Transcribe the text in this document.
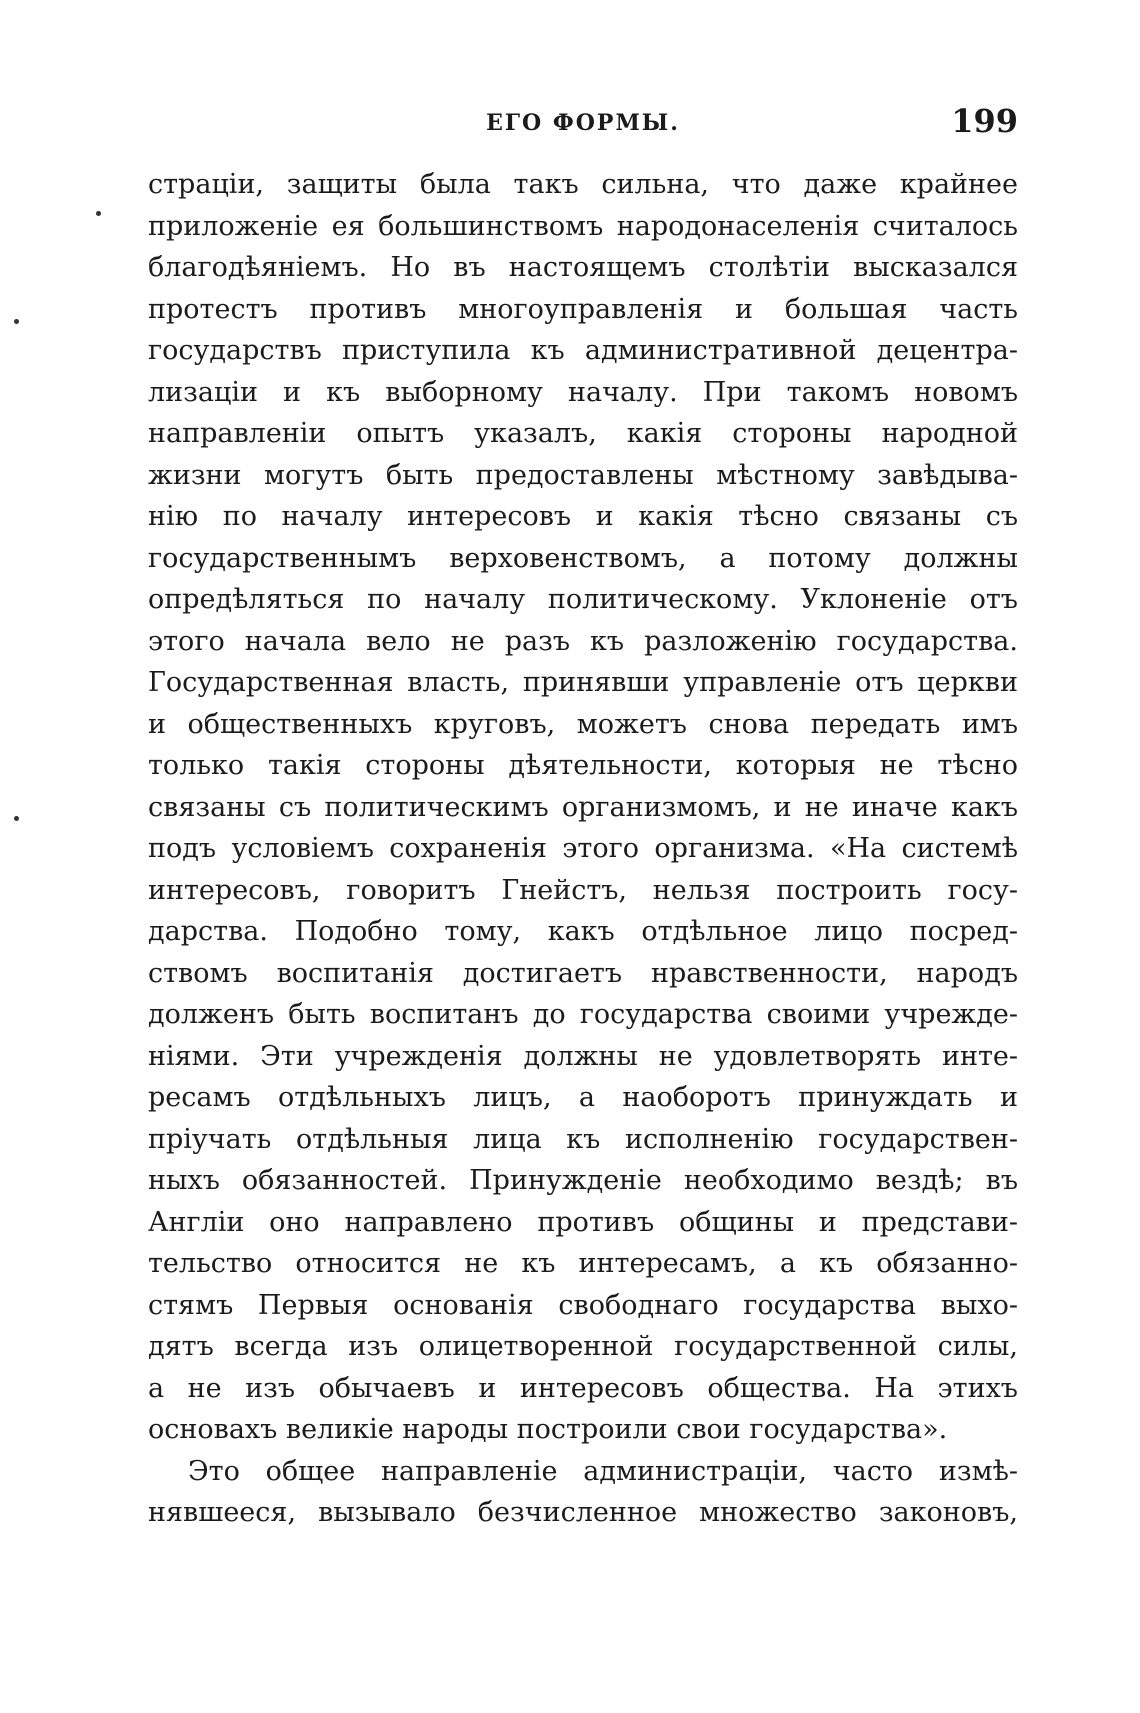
ЕГО ФОРМЫ.	199
страціи, защиты была такъ сильна, что даже крайнее
приложеніе ея большинствомъ народонаселенія считалось
благодѣяніемъ. Но въ настоящемъ столѣтіи высказался
протестъ противъ многоуправленія и большая часть
государствъ приступила къ административной децентра-
лизаціи и къ выборному началу. При такомъ новомъ
направленіи опытъ указалъ, какія стороны народной
жизни могутъ быть предоставлены мѣстному завѣдыва-
нію по началу интересовъ и какія тѣсно связаны съ
государственнымъ верховенствомъ, а потому должны
опредѣляться по началу политическому. Уклоненіе отъ
этого начала вело не разъ къ разложенію государства.
Государственная власть, принявши управленіе отъ церкви
и общественныхъ круговъ, можетъ снова передать имъ
только такія стороны дѣятельности, которыя не тѣсно
связаны съ политическимъ организмомъ, и не иначе какъ
подъ условіемъ сохраненія этого организма. «На системѣ
интересовъ, говоритъ Гнейстъ, нельзя построить госу-
дарства. Подобно тому, какъ отдѣльное лицо посред-
ствомъ воспитанія достигаетъ нравственности, народъ
долженъ быть воспитанъ до государства своими учрежде-
ніями. Эти учрежденія должны не удовлетворять инте-
ресамъ отдѣльныхъ лицъ, а наоборотъ принуждать и
пріучать отдѣльныя лица къ исполненію государствен-
ныхъ обязанностей. Принужденіе необходимо вездѣ; въ
Англіи оно направлено противъ общины и представи-
тельство относится не къ интересамъ, а къ обязанно-
стямъ Первыя основанія свободнаго государства выхо-
дятъ всегда изъ олицетворенной государственной силы,
а не изъ обычаевъ и интересовъ общества. На этихъ
основахъ великіе народы построили свои государства».
Это общее направленіе администраціи, часто измѣ-
нявшееся, вызывало безчисленное множество законовъ,
